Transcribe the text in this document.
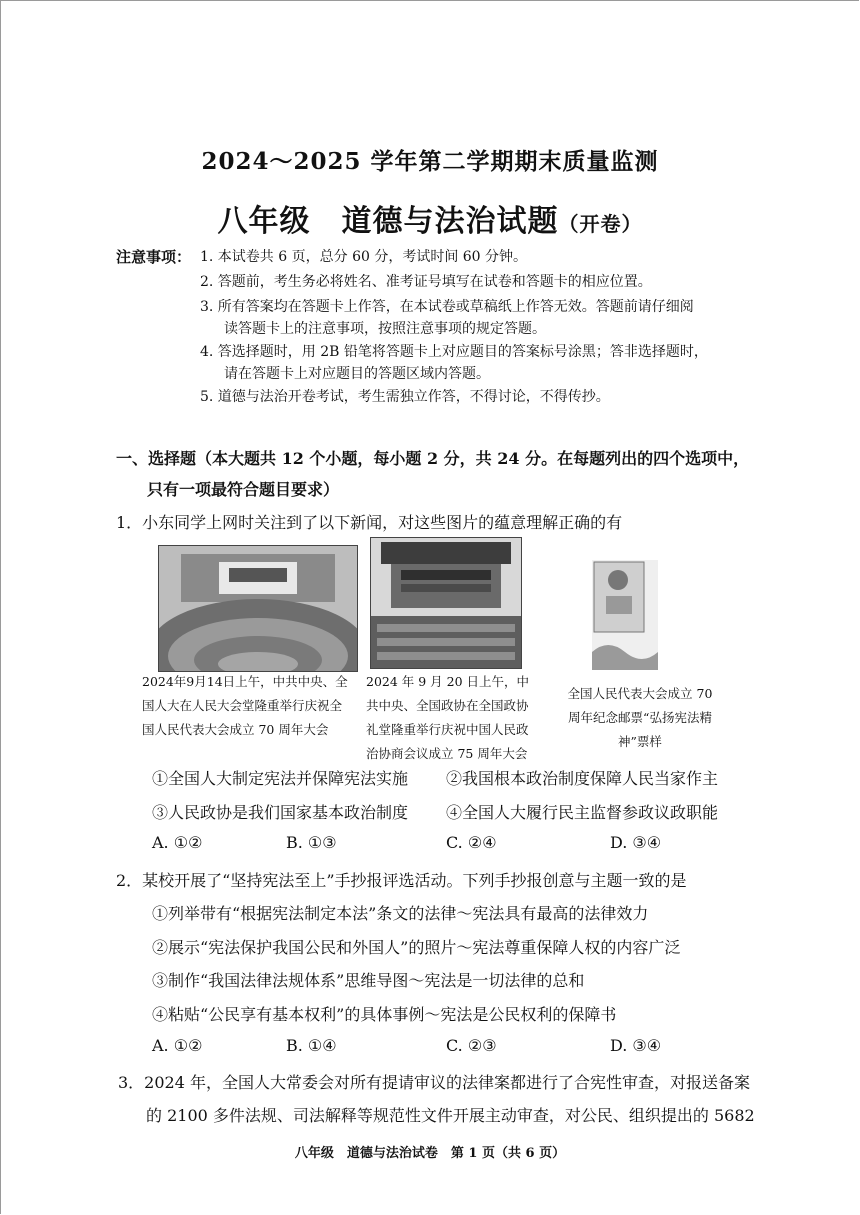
2024～2025 学年第二学期期末质量监测
八年级　道德与法治试题（开卷）
注意事项： 1. 本试卷共 6 页，总分 60 分，考试时间 60 分钟。
2. 答题前，考生务必将姓名、准考证号填写在试卷和答题卡的相应位置。
3. 所有答案均在答题卡上作答，在本试卷或草稿纸上作答无效。答题前请仔细阅
读答题卡上的注意事项，按照注意事项的规定答题。
4. 答选择题时，用 2B 铅笔将答题卡上对应题目的答案标号涂黑；答非选择题时，
请在答题卡上对应题目的答题区域内答题。
5. 道德与法治开卷考试，考生需独立作答，不得讨论，不得传抄。
一、选择题（本大题共 12 个小题，每小题 2 分，共 24 分。在每题列出的四个选项中，
只有一项最符合题目要求）
1．小东同学上网时关注到了以下新闻，对这些图片的蕴意理解正确的有
2024年9月14日上午，中共中央、全国人大在人民大会堂隆重举行庆祝全国人民代表大会成立 70 周年大会
2024 年 9 月 20 日上午，中共中央、全国政协在全国政协礼堂隆重举行庆祝中国人民政治协商会议成立 75 周年大会
全国人民代表大会成立 70 周年纪念邮票“弘扬宪法精神”票样
①全国人大制定宪法并保障宪法实施 ②我国根本政治制度保障人民当家作主
③人民政协是我们国家基本政治制度 ④全国人大履行民主监督参政议政职能
A. ①②	B. ①③	C. ②④	D. ③④
2．某校开展了“坚持宪法至上”手抄报评选活动。下列手抄报创意与主题一致的是
①列举带有“根据宪法制定本法”条文的法律～宪法具有最高的法律效力
②展示“宪法保护我国公民和外国人”的照片～宪法尊重保障人权的内容广泛
③制作“我国法律法规体系”思维导图～宪法是一切法律的总和
④粘贴“公民享有基本权利”的具体事例～宪法是公民权利的保障书
A. ①②	B. ①④	C. ②③	D. ③④
3．2024 年，全国人大常委会对所有提请审议的法律案都进行了合宪性审查，对报送备案
的 2100 多件法规、司法解释等规范性文件开展主动审查，对公民、组织提出的 5682
八年级　道德与法治试卷　第 1 页（共 6 页）
